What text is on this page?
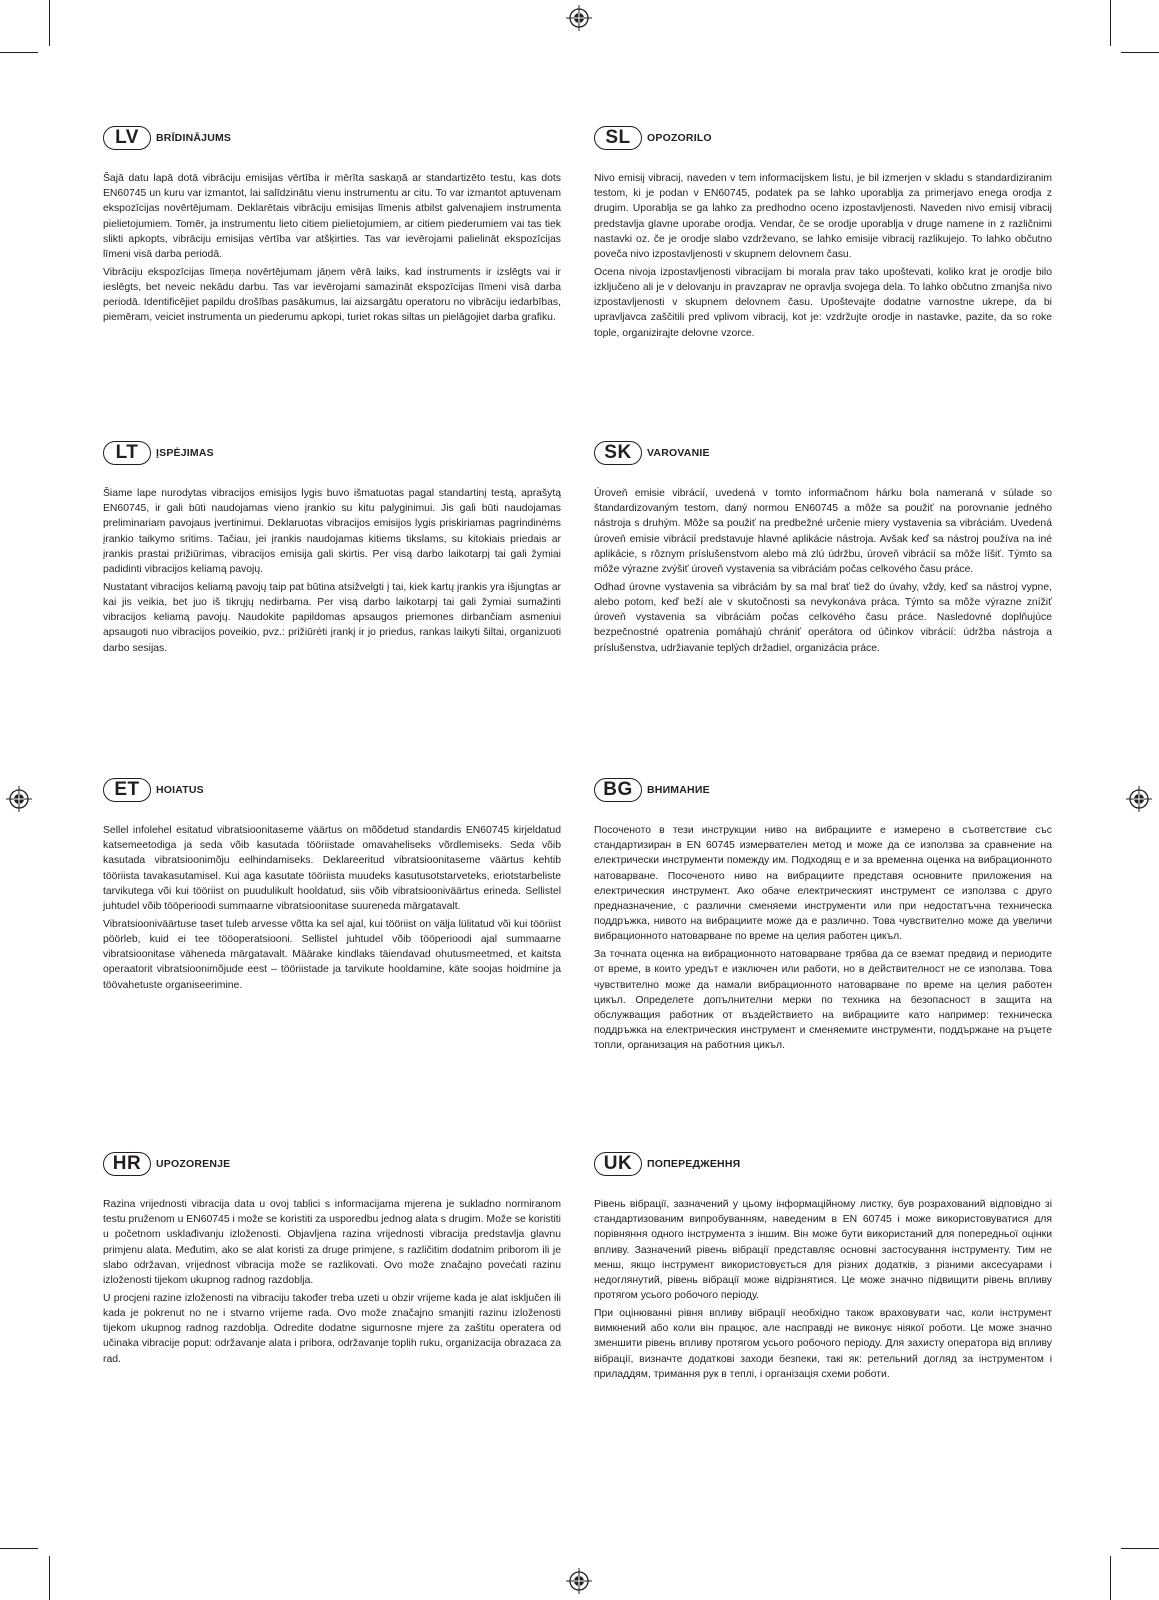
LV	BRĪDINĀJUMS

Šajā datu lapā dotā vibrāciju emisijas vērtība ir mērīta saskaņā ar standartizēto testu, kas dots EN60745 un kuru var izmantot, lai salīdzinātu vienu instrumentu ar citu. To var izmantot aptuvenam ekspozīcijas novērtējumam. Deklarētais vibrāciju emisijas līmenis atbilst galvenajiem instrumenta pielietojumiem. Tomēr, ja instrumentu lieto citiem pielietojumiem, ar citiem piederumiem vai tas tiek slikti apkopts, vibrāciju emisijas vērtība var atšķirties. Tas var ievērojami palielināt ekspozīcijas līmeni visā darba periodā.

Vibrāciju ekspozīcijas līmeņa novērtējumam jāņem vērā laiks, kad instruments ir izslēgts vai ir ieslēgts, bet neveic nekādu darbu. Tas var ievērojami samazināt ekspozīcijas līmeni visā darba periodā. Identificējiet papildu drošības pasākumus, lai aizsargātu operatoru no vibrāciju iedarbības, piemēram, veiciet instrumenta un piederumu apkopi, turiet rokas siltas un pielāgojiet darba grafiku.

SL	OPOZORILO

Nivo emisij vibracij, naveden v tem informacijskem listu, je bil izmerjen v skladu s standardiziranim testom, ki je podan v EN60745, podatek pa se lahko uporablja za primerjavo enega orodja z drugim. Uporablja se ga lahko za predhodno oceno izpostavljenosti. Naveden nivo emisij vibracij predstavlja glavne uporabe orodja. Vendar, če se orodje uporablja v druge namene in z različnimi nastavki oz. če je orodje slabo vzdrževano, se lahko emisije vibracij razlikujejo. To lahko občutno poveča nivo izpostavljenosti v skupnem delovnem času.

Ocena nivoja izpostavljenosti vibracijam bi morala prav tako upoštevati, koliko krat je orodje bilo izključeno ali je v delovanju in pravzaprav ne opravlja svojega dela. To lahko občutno zmanjša nivo izpostavljenosti v skupnem delovnem času. Upoštevajte dodatne varnostne ukrepe, da bi upravljavca zaščitili pred vplivom vibracij, kot je: vzdržujte orodje in nastavke, pazite, da so roke tople, organizirajte delovne vzorce.

LT	ĮSPĖJIMAS

Šiame lape nurodytas vibracijos emisijos lygis buvo išmatuotas pagal standartinį testą, aprašytą EN60745, ir gali būti naudojamas vieno įrankio su kitu palyginimui. Jis gali būti naudojamas preliminariam pavojaus įvertinimui. Deklaruotas vibracijos emisijos lygis priskiriamas pagrindinėms įrankio taikymo sritims. Tačiau, jei įrankis naudojamas kitiems tikslams, su kitokiais priedais ar įrankis prastai prižiūrimas, vibracijos emisija gali skirtis. Per visą darbo laikotarpį tai gali žymiai padidinti vibracijos keliamą pavojų.

Nustatant vibracijos keliamą pavojų taip pat būtina atsižvelgti į tai, kiek kartų įrankis yra išjungtas ar kai jis veikia, bet juo iš tikrųjų nedirbama. Per visą darbo laikotarpį tai gali žymiai sumažinti vibracijos keliamą pavojų. Naudokite papildomas apsaugos priemones dirbančiam asmeniui apsaugoti nuo vibracijos poveikio, pvz.: prižiūrėti įrankį ir jo priedus, rankas laikyti šiltai, organizuoti darbo sesijas.

SK	VAROVANIE

Úroveň emisie vibrácií, uvedená v tomto informačnom hárku bola nameraná v súlade so štandardizovaným testom, daný normou EN60745 a môže sa použiť na porovnanie jedného nástroja s druhým. Môže sa použiť na predbežné určenie miery vystavenia sa vibráciám. Uvedená úroveň emisie vibrácií predstavuje hlavné aplikácie nástroja. Avšak keď sa nástroj používa na iné aplikácie, s rôznym príslušenstvom alebo má zlú údržbu, úroveň vibrácií sa môže líšiť. Týmto sa môže výrazne zvýšiť úroveň vystavenia sa vibráciám počas celkového času práce.

Odhad úrovne vystavenia sa vibráciám by sa mal brať tiež do úvahy, vždy, keď sa nástroj vypne, alebo potom, keď beží ale v skutočnosti sa nevykonáva práca. Týmto sa môže výrazne znížiť úroveň vystavenia sa vibráciám počas celkového času práce. Nasledovné doplňujúce bezpečnostné opatrenia pomáhajú chrániť operátora od účinkov vibrácií: údržba nástroja a príslušenstva, udržiavanie teplých držadiel, organizácia práce.

ET	HOIATUS

Sellel infolehel esitatud vibratsioonitaseme väärtus on mõõdetud standardis EN60745 kirjeldatud katsemeetodiga ja seda võib kasutada tööriistade omavaheliseks võrdlemiseks. Seda võib kasutada vibratsioonimõju eelhindamiseks. Deklareeritud vibratsioonitaseme väärtus kehtib tööriista tavakasutamisel. Kui aga kasutate tööriista muudeks kasutusotstarveteks, eriotstarbeliste tarvikutega või kui tööriist on puudulikult hooldatud, siis võib vibratsiooniväärtus erineda. Sellistel juhtudel võib tööperioodi summaarne vibratsioonitase suureneda märgatavalt.

Vibratsiooniväärtuse taset tuleb arvesse võtta ka sel ajal, kui tööriist on välja lülitatud või kui tööriist pöörleb, kuid ei tee tööoperatsiooni. Sellistel juhtudel võib tööperioodi ajal summaarne vibratsioonitase väheneda märgatavalt. Määrake kindlaks täiendavad ohutusmeetmed, et kaitsta operaatorit vibratsioonimõjude eest – tööriistade ja tarvikute hooldamine, käte soojas hoidmine ja töövahetuste organiseerimine.

BG	ВНИМАНИЕ

Посоченото в тези инструкции ниво на вибрациите е измерено в съответствие със стандартизиран в EN 60745 измервателен метод и може да се използва за сравнение на електрически инструменти помежду им. Подходящ е и за временна оценка на вибрационното натоварване. Посоченото ниво на вибрациите представя основните приложения на електрическия инструмент. Ако обаче електрическият инструмент се използва с друго предназначение, с различни сменяеми инструменти или при недостатъчна техническа поддръжка, нивото на вибрациите може да е различно. Това чувствително може да увеличи вибрационното натоварване по време на целия работен цикъл.

За точната оценка на вибрационното натоварване трябва да се вземат предвид и периодите от време, в които уредът е изключен или работи, но в действителност не се използва. Това чувствително може да намали вибрационното натоварване по време на целия работен цикъл. Определете допълнителни мерки по техника на безопасност в защита на обслужващия работник от въздействието на вибрациите като например: техническа поддръжка на електрическия инструмент и сменяемите инструменти, поддържане на ръцете топли, организация на работния цикъл.

HR	UPOZORENJE

Razina vrijednosti vibracija data u ovoj tablici s informacijama mjerena je sukladno normiranom testu pruženom u EN60745 i može se koristiti za usporedbu jednog alata s drugim. Može se koristiti u početnom usklađivanju izloženosti. Objavljena razina vrijednosti vibracija predstavlja glavnu primjenu alata. Međutim, ako se alat koristi za druge primjene, s različitim dodatnim priborom ili je slabo održavan, vrijednost vibracija može se razlikovati. Ovo može značajno povećati razinu izloženosti tijekom ukupnog radnog razdoblja.

U procjeni razine izloženosti na vibraciju također treba uzeti u obzir vrijeme kada je alat isključen ili kada je pokrenut no ne i stvarno vrijeme rada. Ovo može značajno smanjiti razinu izloženosti tijekom ukupnog radnog razdoblja. Odredite dodatne sigurnosne mjere za zaštitu operatera od učinaka vibracije poput: održavanje alata i pribora, održavanje toplih ruku, organizacija obrazaca za rad.

UK	ПОПЕРЕДЖЕННЯ

Рівень вібрації, зазначений у цьому інформаційному листку, був розрахований відповідно зі стандартизованим випробуванням, наведеним в EN 60745 і може використовуватися для порівняння одного інструмента з іншим. Він може бути використаний для попередньої оцінки впливу. Зазначений рівень вібрації представляє основні застосування інструменту. Тим не менш, якщо інструмент використовується для різних додатків, з різними аксесуарами і недоглянутий, рівень вібрації може відрізнятися. Це може значно підвищити рівень впливу протягом усього робочого періоду.

При оцінюванні рівня впливу вібрації необхідно також враховувати час, коли інструмент вимкнений або коли він працює, але насправді не виконує ніякої роботи. Це може значно зменшити рівень впливу протягом усього робочого періоду. Для захисту оператора від впливу вібрації, визначте додаткові заходи безпеки, такі як: ретельний догляд за інструментом і приладдям, тримання рук в теплі, і організація схеми роботи.
